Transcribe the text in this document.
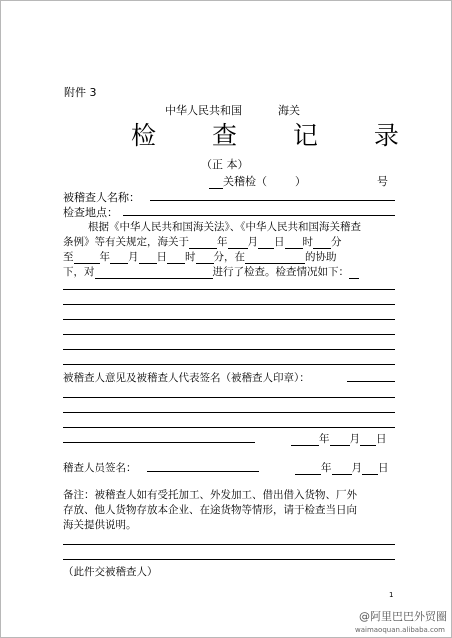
附件 3
中华人民共和国	海关
检 查 记 录
（正 本）
关稽检（	）	号
被稽查人名称：
检查地点：
根据《中华人民共和国海关法》、《中华人民共和国海关稽查
条例》等有关规定，海关于	年 月 日 时 分
至 年 月 日 时 分，在	的协助
下，对	进行了检查。检查情况如下：
被稽查人意见及被稽查人代表签名（被稽查人印章）：
年 月 日
稽查人员签名：	年 月 日
备注：被稽查人如有受托加工、外发加工、借出借入货物、厂外
存放、他人货物存放本企业、在途货物等情形，请于检查当日向
海关提供说明。
（此件交被稽查人）
1
@阿里巴巴外贸圈
waimaoquan.alibaba.com
